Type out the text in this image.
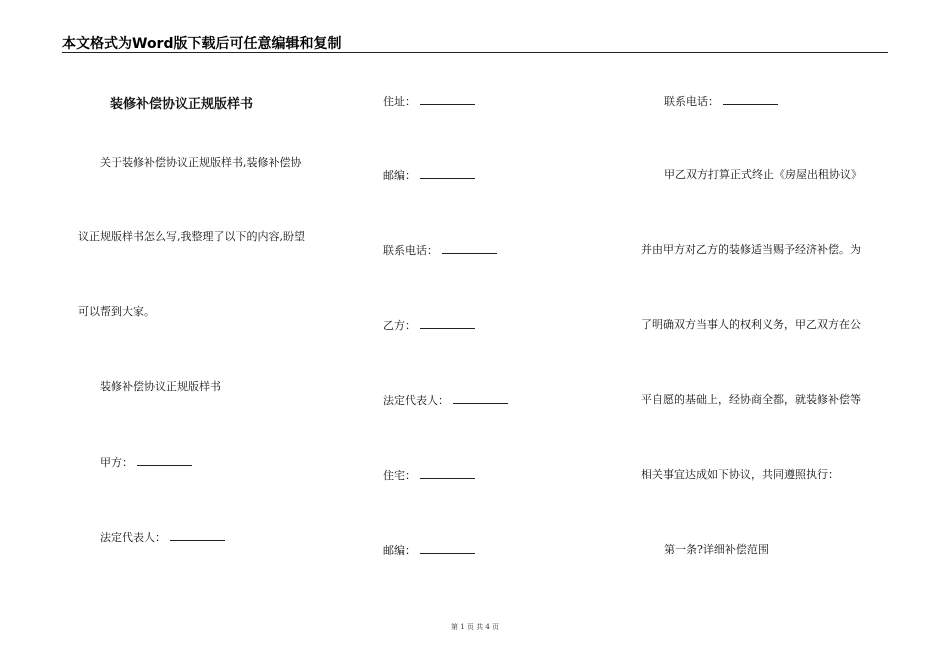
本文格式为Word版下载后可任意编辑和复制
装修补偿协议正规版样书
关于装修补偿协议正规版样书,装修补偿协
议正规版样书怎么写,我整理了以下的内容,盼望
可以帮到大家。
装修补偿协议正规版样书
甲方：
法定代表人：
住址：
邮编：
联系电话：
乙方：
法定代表人：
住宅：
邮编：
联系电话：
甲乙双方打算正式终止《房屋出租协议》
并由甲方对乙方的装修适当赐予经济补偿。为
了明确双方当事人的权利义务，甲乙双方在公
平自愿的基础上，经协商全都，就装修补偿等
相关事宜达成如下协议，共同遵照执行：
第一条?详细补偿范围
第 1 页 共 4 页
